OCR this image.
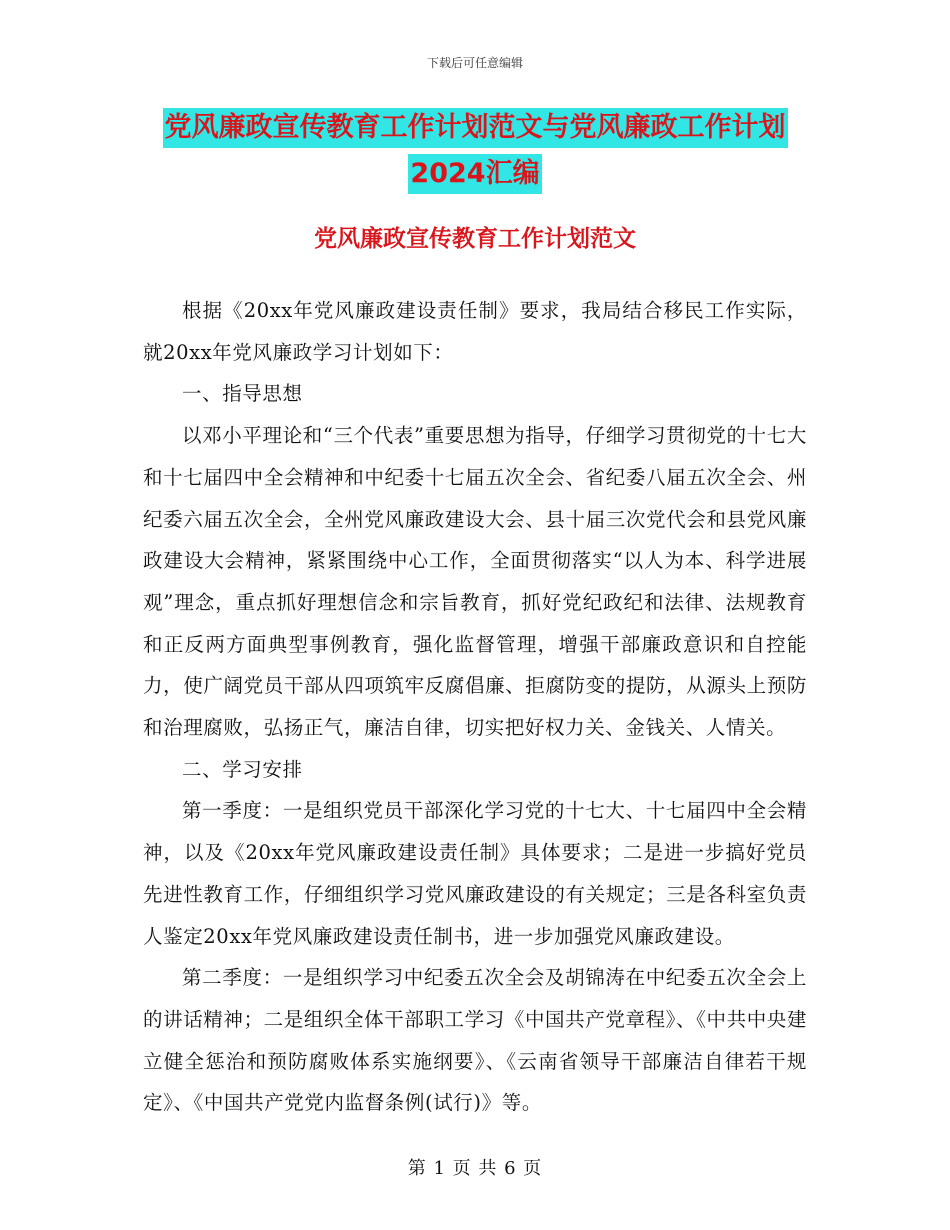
下载后可任意编辑
党风廉政宣传教育工作计划范文与党风廉政工作计划
2024汇编
党风廉政宣传教育工作计划范文

根据《20xx年党风廉政建设责任制》要求，我局结合移民工作实际，就20xx年党风廉政学习计划如下：

一、指导思想

以邓小平理论和“三个代表”重要思想为指导，仔细学习贯彻党的十七大和十七届四中全会精神和中纪委十七届五次全会、省纪委八届五次全会、州纪委六届五次全会，全州党风廉政建设大会、县十届三次党代会和县党风廉政建设大会精神，紧紧围绕中心工作，全面贯彻落实“以人为本、科学进展观”理念，重点抓好理想信念和宗旨教育，抓好党纪政纪和法律、法规教育和正反两方面典型事例教育，强化监督管理，增强干部廉政意识和自控能力，使广阔党员干部从四项筑牢反腐倡廉、拒腐防变的提防，从源头上预防和治理腐败，弘扬正气，廉洁自律，切实把好权力关、金钱关、人情关。

二、学习安排

第一季度：一是组织党员干部深化学习党的十七大、十七届四中全会精神，以及《20xx年党风廉政建设责任制》具体要求；二是进一步搞好党员先进性教育工作，仔细组织学习党风廉政建设的有关规定；三是各科室负责人鉴定20xx年党风廉政建设责任制书，进一步加强党风廉政建设。

第二季度：一是组织学习中纪委五次全会及胡锦涛在中纪委五次全会上的讲话精神；二是组织全体干部职工学习《中国共产党章程》、《中共中央建立健全惩治和预防腐败体系实施纲要》、《云南省领导干部廉洁自律若干规定》、《中国共产党党内监督条例(试行)》等。

第 1 页 共 6 页
